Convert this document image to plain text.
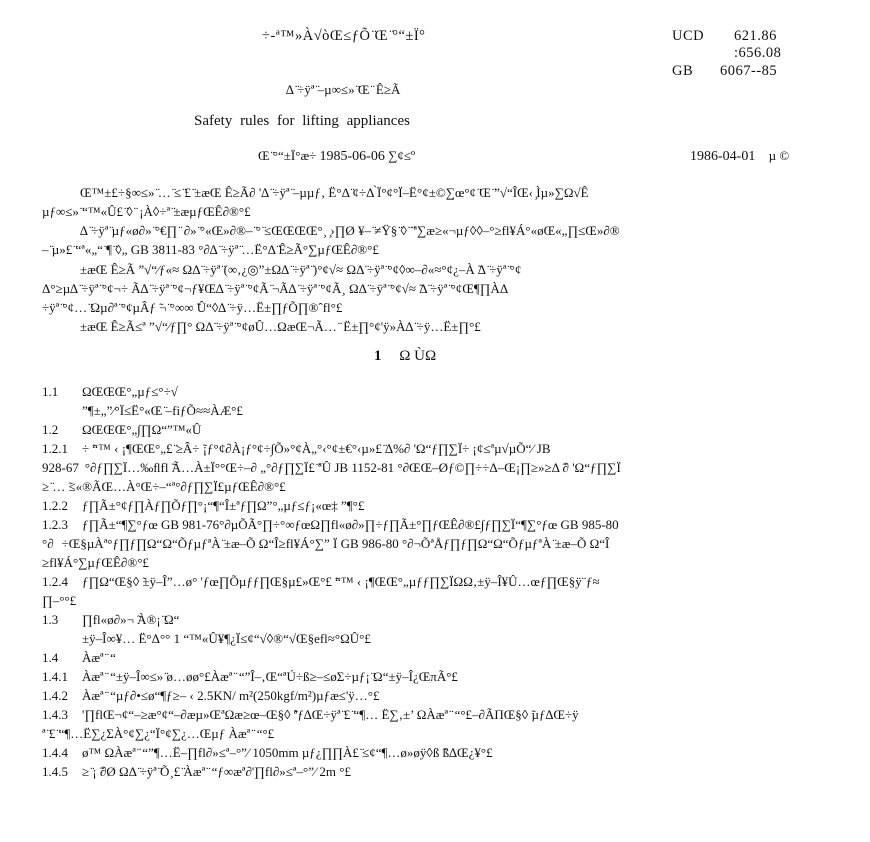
÷-ª™»À√òŒ≤ƒÕ ̈Œ ̈°“±Ï°	UCD 621.86
:656.08
GB 6067--85
∆ ̈÷ÿª ̈–µ∞≤» ̈Œ ̈ Ê≥Ã
Safety rules for lifting appliances
Œ ̈°“±Ï°æ÷ 1985-06-06 ∑¢≤º	1986-04-01 µ ©
Œ™±£÷§∞≤» ̈… ̈≤ ̈£ ̈±æŒ Ê≥Ã∂ '∆ ̈÷ÿª ̈–µµƒ‚ Ë°Δ ̈¢÷Δ ̀Ï°¢°Ï–Ë°¢±©∑œ°¢ ̈Œ ̈”√“ÎŒ‹ ̧Ìµ»∑Ω√Ê
µƒ∞≤» ̈“™«Û£ ̈◊ ̈ ¡À◊÷ª ̈±æµƒŒÊ∂®°£
∆ ̈÷ÿª ̈µƒ«ø∂» ̈°€∏ ̈ ∂» ̈°«Œ»∂®– ̈° ̈≤ŒŒŒŒ°¸ ̧›∏Ø ¥– ̈≠Ÿ§ ̈◊ ̈ ̈ª∑æ≥«¬µƒ◊◊–°≥fl¥Á°«øŒ«„∏≤Œ»∂®
– ̈µ»£ ̈“ª«„“ ̈¶ ̈◊„ GB 3811-83 °∂∆ ̈÷ÿª ̈…Ë°Δ ̈Ê≥Ã°∑µƒŒÊ∂®°£
±æŒ Ê≥Ã ”√“⁄ƒ«≈ ΩΔ ̈÷ÿª ̈(∞‚¿◎”±Ω∆ ̈÷ÿª ̈)°¢√≈ ΩΔ ̈÷ÿª ̈°¢◊∞–∂«≈°¢¿–À ̃∆ ̈÷ÿª ̈°¢
Δ°≥µ∆ ̈÷ÿª ̈°¢¬÷ Ã∆ ̈÷ÿª ̈°¢¬ƒ¥Œ∆ ̈÷ÿª ̈°¢Ã ̈¬Ã∆ ̈÷ÿª ̈°¢Ã¸ ΩΔ ̈÷ÿª ̈°¢√≈ ̃Δ ̈÷ÿª ̈°¢Œ¶∏ÀΔ
÷ÿª ̈°¢… ̈Ωµ∂ª ̈°¢µÂƒ ̃¬ ̈°∞∞ ̃Û“◊∆ ̈÷ÿ…Ë±∏ƒÕ∏®ˆfl°£
±æŒ Ê≥Ã≤ª ”√“⁄ƒ∏° ΩΔ ̈÷ÿª ̈°¢øÛ…ΩæŒ¬Ã… ̈ Ë±∏°¢'ÿ»À∆ ̈÷ÿ…Ë±∏°£
1 Ω ÙΩ
1.1 ΩŒŒŒ°„µƒ≤°÷√
”¶±„”⁄°Ï≤Ë°«Œ ̈–fiƒÕ≈≈ÀÆ°£
1.2 ΩŒŒŒ°„∫∏Ω“”™«Û
1.2.1 ÷ ̃“™ ‹ ¡¶ŒŒ°„£ ̈≥Â÷ ̃¡ƒ°¢∂À¡ƒ°¢÷∫Õ»°¢À„°‹°¢±€°‹µ»£ ̈∆%∂ 'Ω“ƒ∏∑Ï÷ ¡¢≤ªµ√µÕ“⁄ JB
928-67 °∂ƒ∏∑Ï…‰ﬂfl ̃Ã…À±Ï°°Œ÷–∂ „°∂ƒ∏∑Ï£ ̈ªÛ JB 1152-81 °∂ŒŒ–Øƒ©∏÷÷Δ–Œ¡∏≥»≥Δ ̃∂ 'Ω“ƒ∏∑Ï
≥ ̈… ̃≤«®ÃŒ…À°Œ÷–“ª°∂ƒ∏∑Ï£µƒŒÊ∂®°£
1.2.2 ƒ∏Ã±°¢ƒ∏Àƒ∏Õƒ∏°¡“¶“Î±ªƒ∏Ω”°„µƒ≤ƒ¡«œ‡ ”¶°£
1.2.3 ƒ∏Ã±“¶∑°ƒœ GB 981-76°∂µÕÃ°∏÷°∞ƒœΩ∏fl«ø∂»∏÷ƒ∏Ã±°∏ƒŒÊ∂®£∫ƒ∏∑Ï“¶∑°ƒœ GB 985-80
°∂ ÷Œ§µÀª°ƒ∏ƒ∏Ω“Ω“ÕƒµƒªÀ ̈±æ–Õ Ω“Î≥fl¥Á°∑” Ï GB 986-80 °∂¬ÕªÅƒ∏ƒ∏Ω“Ω“ÕƒµƒªÀ ̈±æ–Õ Ω“Î
≥fl¥Á°∑µƒŒÊ∂®°£
1.2.4 ƒ∏Ω“Œ§◊ ̃±ÿ–Î”…ø° 'ƒœ∏Õµƒƒ∏Œ§µ£»Œ°£ ̃“™ ‹ ¡¶ŒŒ°„µƒƒ∏∑ÏΩΩ‚±ÿ–Î¥Û…œƒ∏Œ§ÿ¨ƒ≈
∏–°°£
1.3 ∏fl«ø∂»¬ ̃À®¡ ̈Ω“
±ÿ–Î∞¥… Ë°Δ°° 1 “™«Û¥¶¿Ï≤¢“√◊®“√Œ§efl≈°ΩÛ°£
1.4 Àæª ̈ “
1.4.1 Àæª ̈ “±ÿ–Î∞≤» ̈ø…øø°£Àæª ̈ “”Î–‚Œ“ªÚ÷ß≥–≤øΣ÷µƒ¡ ̈Ω“±ÿ–Î¿ŒπÃ°£
1.4.2 Àæª ̈ “µƒ∂•≤ø“¶ƒ≥– ‹ 2.5KN/ m²(250kgf/m²)µƒæ≤'ÿ…°£
1.4.3 '∏flŒ¬¢“–≥æ°¢“–∂æµ»ŒªΩæ≥œ–Œ§◊ ̃ªƒ∆Œ÷ÿª ̈£ ̈“¶… Ë∑‚±’ ΩÀæª ̈ “°£–∂ÃΠŒ§◊ ̃µƒ∆Œ÷ÿ
ª ̈£ ̈“¶…Ë∑¿ΣÀ°¢∑¿“Ï°¢∑¿…Œµƒ Àæª ̈ “°£
1.4.4 ø™ ΩÀæª ̈ “”¶…Ë–∏fl∂»≤ª–°”⁄ 1050mm µƒ¿∏∏À£ ̈≤¢“¶…ø»øÿ◊ß ̃ß∆Œ¿¥°£
1.4.5 ≥ ̈¡ ̃∂Ø ΩΔ ̈÷ÿª ̈Õ¸£ ̈Àæª ̈ “ƒ∞æª∂'∏fl∂»≤ª–°”⁄ 2m °£
